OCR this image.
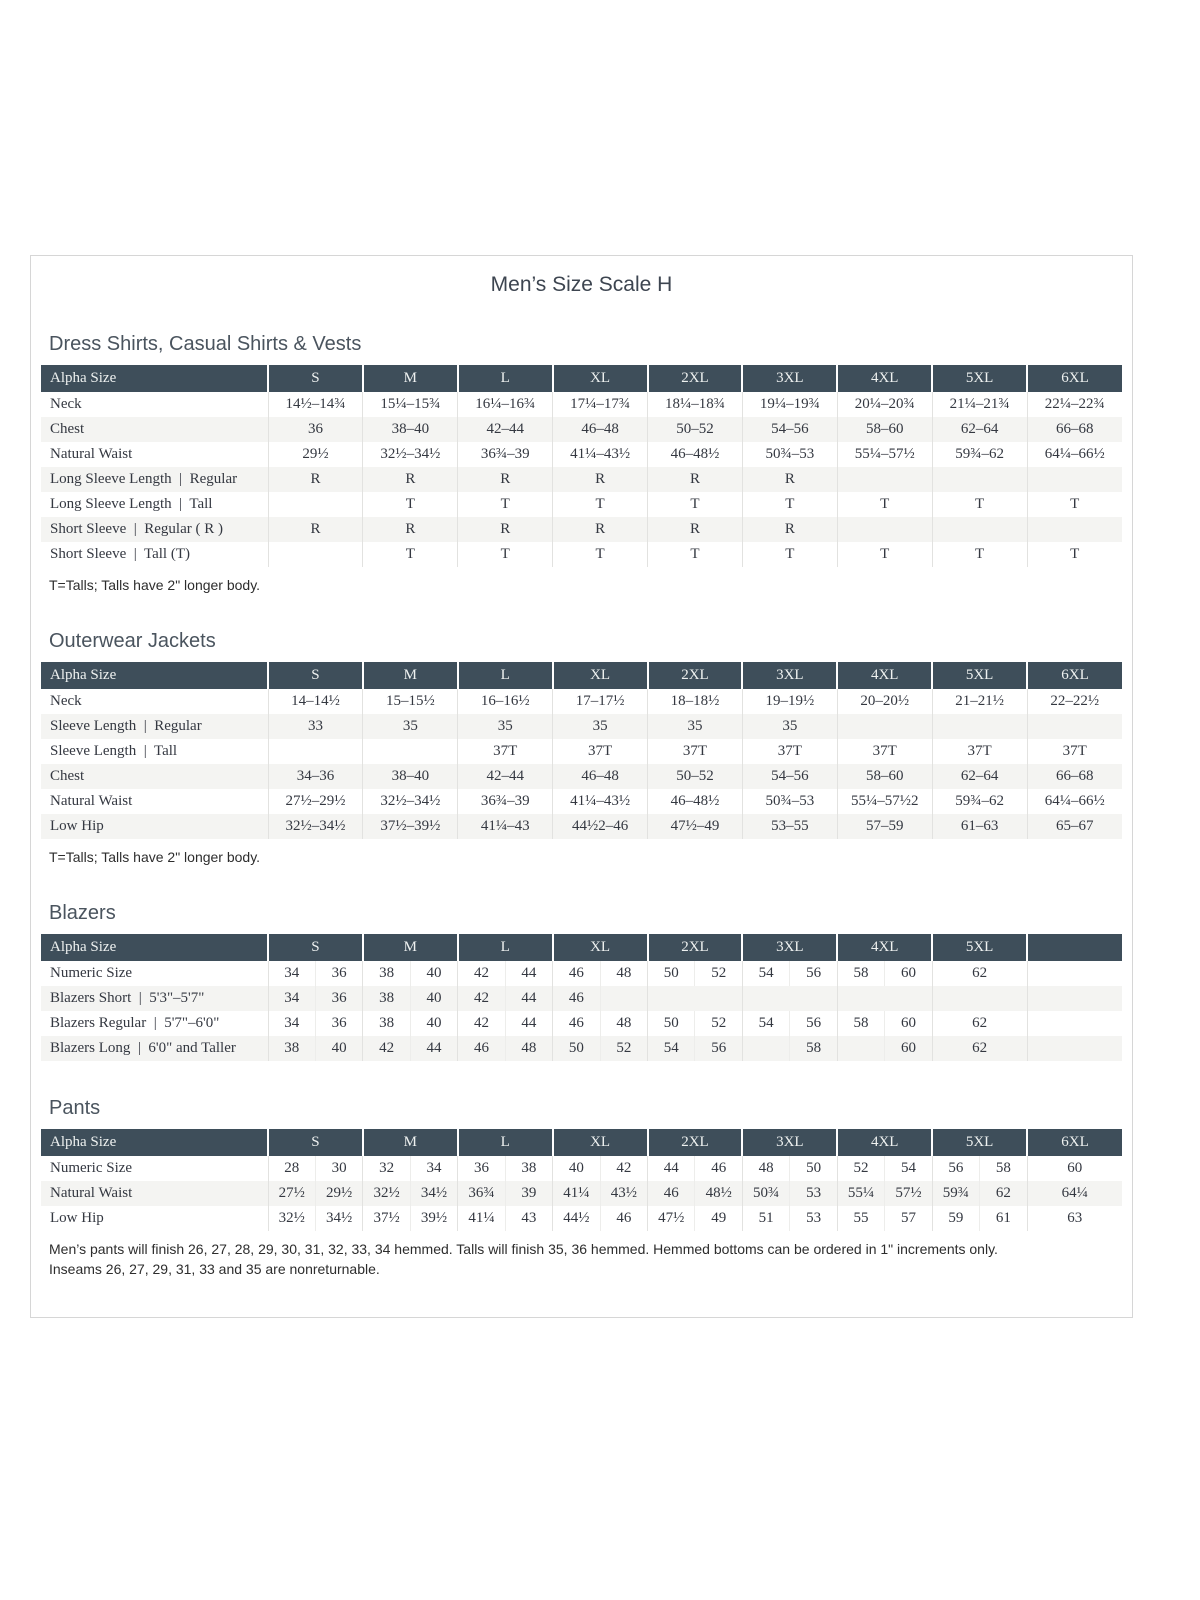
Men’s Size Scale H
Dress Shirts, Casual Shirts & Vests
Alpha Size	S	M	L	XL	2XL	3XL	4XL	5XL	6XL
Neck	14½–14¾	15¼–15¾	16¼–16¾	17¼–17¾	18¼–18¾	19¼–19¾	20¼–20¾	21¼–21¾	22¼–22¾
Chest	36	38–40	42–44	46–48	50–52	54–56	58–60	62–64	66–68
Natural Waist	29½	32½–34½	36¾–39	41¼–43½	46–48½	50¾–53	55¼–57½	59¾–62	64¼–66½
Long Sleeve Length  |  Regular	R	R	R	R	R	R			
Long Sleeve Length  |  Tall		T	T	T	T	T	T	T	T
Short Sleeve  |  Regular ( R )	R	R	R	R	R	R			
Short Sleeve  |  Tall (T)		T	T	T	T	T	T	T	T

T=Talls; Talls have 2" longer body.

Outerwear Jackets
Alpha Size	S	M	L	XL	2XL	3XL	4XL	5XL	6XL
Neck	14–14½	15–15½	16–16½	17–17½	18–18½	19–19½	20–20½	21–21½	22–22½
Sleeve Length  |  Regular	33	35	35	35	35	35			
Sleeve Length  |  Tall			37T	37T	37T	37T	37T	37T	37T
Chest	34–36	38–40	42–44	46–48	50–52	54–56	58–60	62–64	66–68
Natural Waist	27½–29½	32½–34½	36¾–39	41¼–43½	46–48½	50¾–53	55¼–57½2	59¾–62	64¼–66½
Low Hip	32½–34½	37½–39½	41¼–43	44½2–46	47½–49	53–55	57–59	61–63	65–67

T=Talls; Talls have 2" longer body.

Blazers
Alpha Size	S		M		L		XL		2XL		3XL		4XL		5XL	
Numeric Size	34	36	38	40	42	44	46	48	50	52	54	56	58	60	62	
Blazers Short  |  5'3"–5'7"	34	36	38	40	42	44	46									
Blazers Regular  |  5'7"–6'0"	34	36	38	40	42	44	46	48	50	52	54	56	58	60	62	
Blazers Long  |  6'0" and Taller	38	40	42	44	46	48	50	52	54	56		58		60	62	
Pants
Alpha Size	S		M		L		XL		2XL		3XL		4XL		5XL		6XL
Numeric Size	28	30	32	34	36	38	40	42	44	46	48	50	52	54	56	58	60
Natural Waist	27½	29½	32½	34½	36¾	39	41¼	43½	46	48½	50¾	53	55¼	57½	59¾	62	64¼
Low Hip	32½	34½	37½	39½	41¼	43	44½	46	47½	49	51	53	55	57	59	61	63

Men’s pants will finish 26, 27, 28, 29, 30, 31, 32, 33, 34 hemmed. Talls will finish 35, 36 hemmed. Hemmed bottoms can be ordered in 1" increments only.

Inseams 26, 27, 29, 31, 33 and 35 are nonreturnable.
